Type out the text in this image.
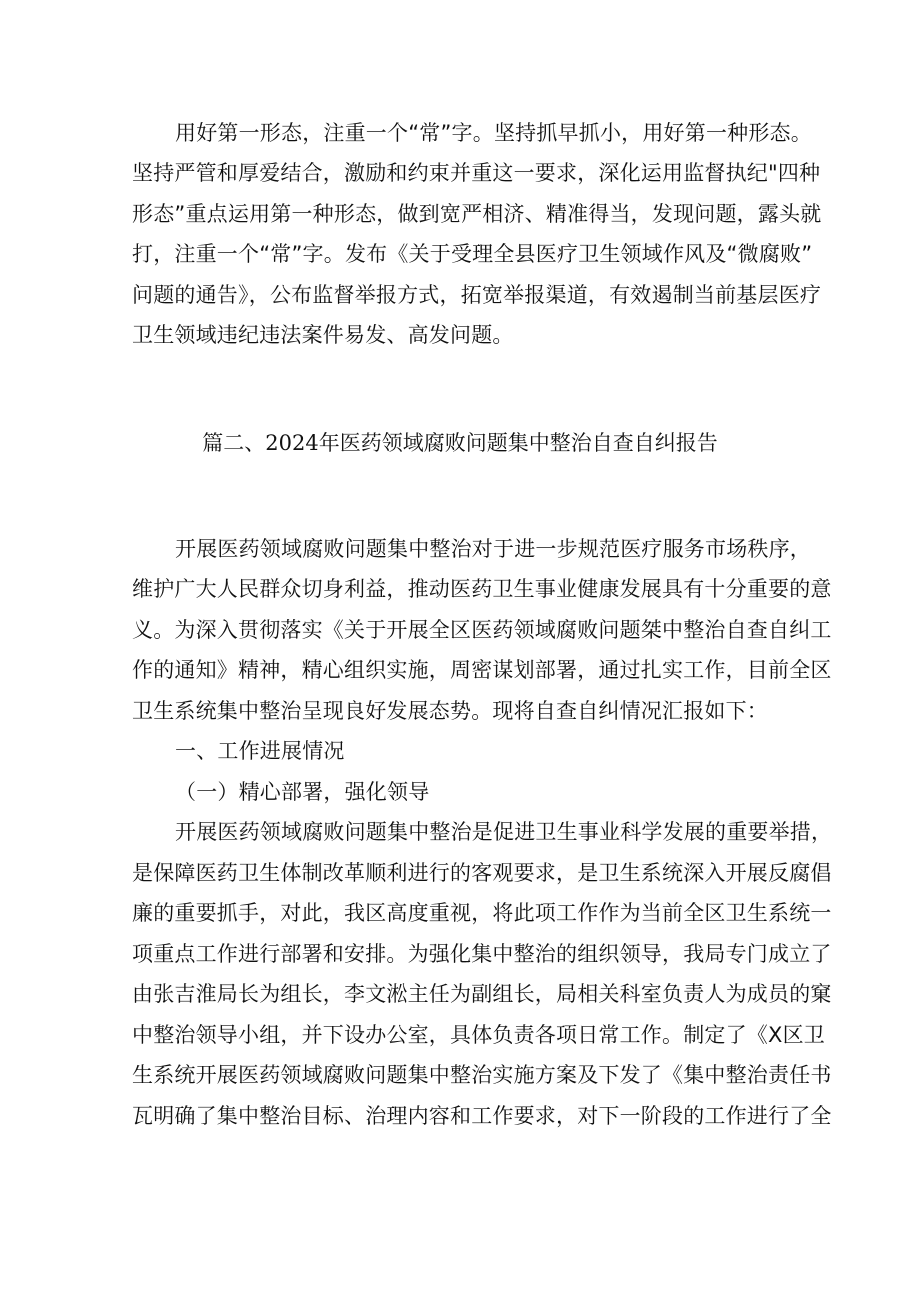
用好第一形态，注重一个“常”字。坚持抓早抓小，用好第一种形态。
坚持严管和厚爱结合，激励和约束并重这一要求，深化运用监督执纪"四种
形态”重点运用第一种形态，做到宽严相济、精准得当，发现问题，露头就
打，注重一个“常”字。发布《关于受理全县医疗卫生领域作风及“微腐败”
问题的通告》，公布监督举报方式，拓宽举报渠道，有效遏制当前基层医疗
卫生领域违纪违法案件易发、高发问题。
篇二、2024年医药领域腐败问题集中整治自查自纠报告
开展医药领域腐败问题集中整治对于进一步规范医疗服务市场秩序，
维护广大人民群众切身利益，推动医药卫生事业健康发展具有十分重要的意
义。为深入贯彻落实《关于开展全区医药领域腐败问题桀中整治自查自纠工
作的通知》精神，精心组织实施，周密谋划部署，通过扎实工作，目前全区
卫生系统集中整治呈现良好发展态势。现将自查自纠情况汇报如下：
一、工作进展情况
（一）精心部署，强化领导
开展医药领域腐败问题集中整治是促进卫生事业科学发展的重要举措，
是保障医药卫生体制改革顺利进行的客观要求，是卫生系统深入开展反腐倡
廉的重要抓手，对此，我区高度重视，将此项工作作为当前全区卫生系统一
项重点工作进行部署和安排。为强化集中整治的组织领导，我局专门成立了
由张吉淮局长为组长，李文淞主任为副组长，局相关科室负责人为成员的窠
中整治领导小组，并下设办公室，具体负责各项日常工作。制定了《X区卫
生系统开展医药领域腐败问题集中整治实施方案及下发了《集中整治责任书
瓦明确了集中整治目标、治理内容和工作要求，对下一阶段的工作进行了全
